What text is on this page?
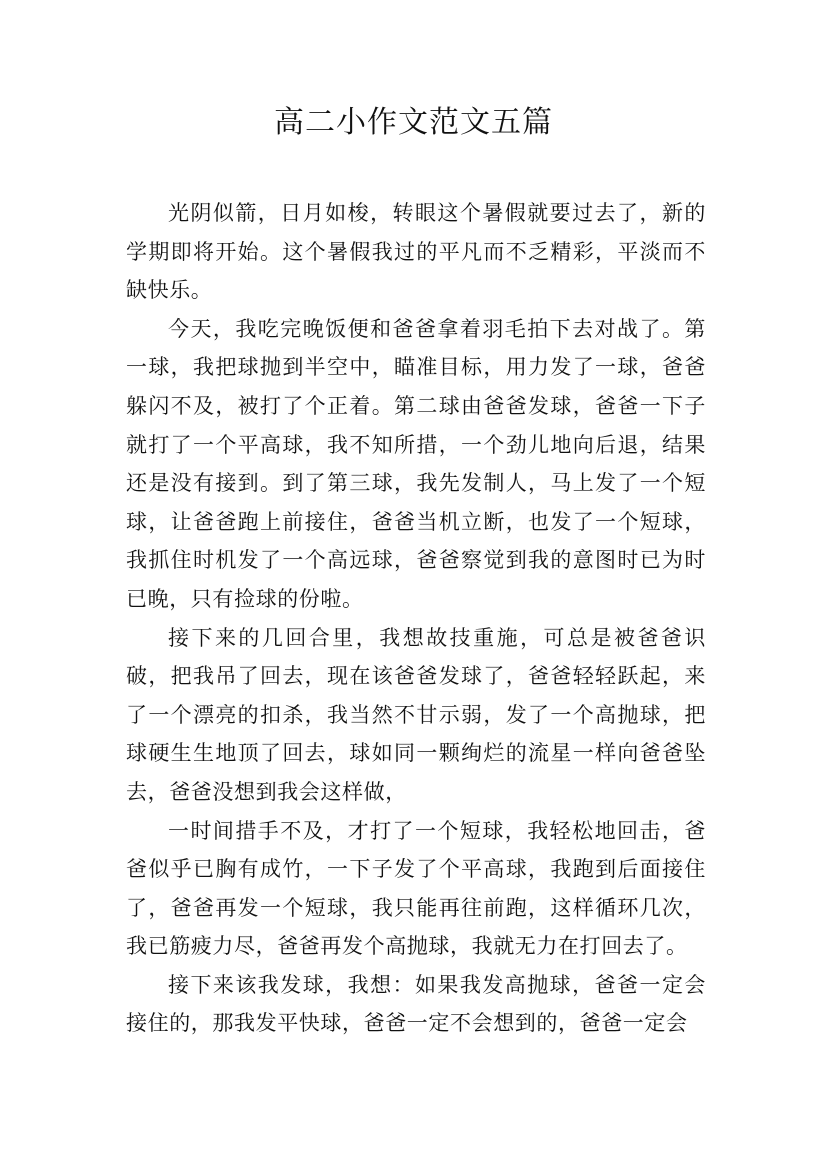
高二小作文范文五篇

光阴似箭，日月如梭，转眼这个暑假就要过去了，新的学期即将开始。这个暑假我过的平凡而不乏精彩，平淡而不缺快乐。

今天，我吃完晚饭便和爸爸拿着羽毛拍下去对战了。第一球，我把球抛到半空中，瞄准目标，用力发了一球，爸爸躲闪不及，被打了个正着。第二球由爸爸发球，爸爸一下子就打了一个平高球，我不知所措，一个劲儿地向后退，结果还是没有接到。到了第三球，我先发制人，马上发了一个短球，让爸爸跑上前接住，爸爸当机立断，也发了一个短球，我抓住时机发了一个高远球，爸爸察觉到我的意图时已为时已晚，只有捡球的份啦。

接下来的几回合里，我想故技重施，可总是被爸爸识破，把我吊了回去，现在该爸爸发球了，爸爸轻轻跃起，来了一个漂亮的扣杀，我当然不甘示弱，发了一个高抛球，把球硬生生地顶了回去，球如同一颗绚烂的流星一样向爸爸坠去，爸爸没想到我会这样做，

一时间措手不及，才打了一个短球，我轻松地回击，爸爸似乎已胸有成竹，一下子发了个平高球，我跑到后面接住了，爸爸再发一个短球，我只能再往前跑，这样循环几次，我已筋疲力尽，爸爸再发个高抛球，我就无力在打回去了。

接下来该我发球，我想：如果我发高抛球，爸爸一定会接住的，那我发平快球，爸爸一定不会想到的，爸爸一定会
